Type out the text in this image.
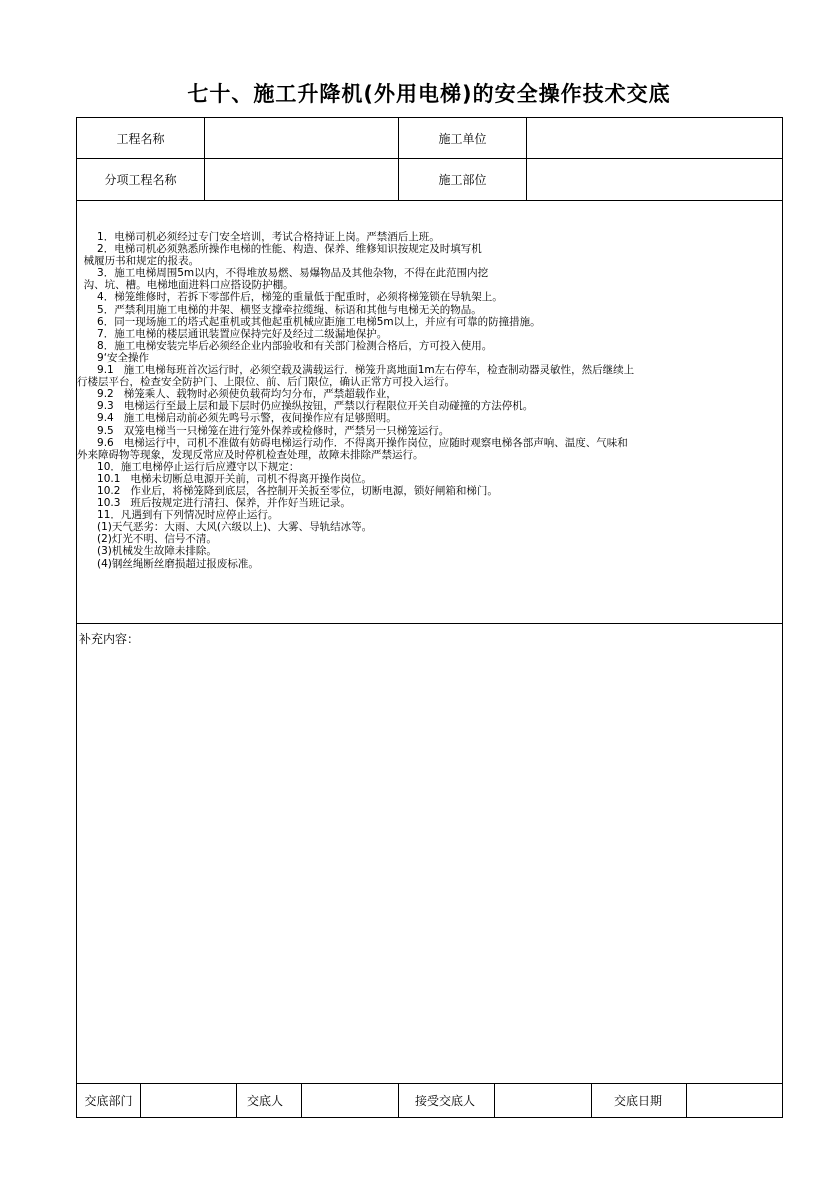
七十、施工升降机(外用电梯)的安全操作技术交底
工程名称	施工单位
分项工程名称	施工部位
1．电梯司机必须经过专门安全培训，考试合格持证上岗。严禁酒后上班。
2．电梯司机必须熟悉所操作电梯的性能、构造、保养、维修知识按规定及时填写机
械履历书和规定的报表。
3．施工电梯周围5m以内，不得堆放易燃、易爆物品及其他杂物，不得在此范围内挖
沟、坑、槽。电梯地面进料口应搭设防护棚。
4．梯笼维修时，若拆下零部件后，梯笼的重量低于配重时，必须将梯笼锁在导轨架上。
5．严禁利用施工电梯的井架、横竖支撑牵拉缆绳、标语和其他与电梯无关的物品。
6．同一现场施工的塔式起重机或其他起重机械应距施工电梯5m以上，并应有可靠的防撞措施。
7．施工电梯的楼层通讯装置应保持完好及经过二级漏地保护。
8．施工电梯安装完毕后必须经企业内部验收和有关部门检测合格后，方可投入使用。
9‘安全操作
9.1   施工电梯每班首次运行时，必须空载及满载运行．梯笼升离地面1m左右停车，检查制动器灵敏性，然后继续上
行楼层平台，检查安全防护门、上限位、前、后门限位，确认正常方可投入运行。
9.2   梯笼乘人、载物时必须使负载荷均匀分布，严禁超载作业，
9.3   电梯运行至最上层和最下层时仍应操纵按钮，严禁以行程限位开关自动碰撞的方法停机。
9.4   施工电梯启动前必须先鸣号示警，夜间操作应有足够照明。
9.5   双笼电梯当一只梯笼在进行笼外保养或检修时，严禁另一只梯笼运行。
9.6   电梯运行中，司机不准做有妨碍电梯运行动作．不得离开操作岗位，应随时观察电梯各部声响、温度、气味和
外来障碍物等现象，发现反常应及时停机检查处理，故障未排除严禁运行。
10．施工电梯停止运行后应遵守以下规定：
10.1   电梯未切断总电源开关前，司机不得离开操作岗位。
10.2   作业后，将梯笼降到底层，各控制开关扳至零位，切断电源，锁好闸箱和梯门。
10.3   班后按规定进行清扫、保养，并作好当班记录。
11．凡遇到有下列情况时应停止运行。
(1)天气恶劣：大雨、大风(六级以上)、大雾、导轨结冰等。
(2)灯光不明、信号不清。
(3)机械发生故障未排除。
(4)钢丝绳断丝磨损超过报废标准。
补充内容：
交底部门	交底人	接受交底人	交底日期
